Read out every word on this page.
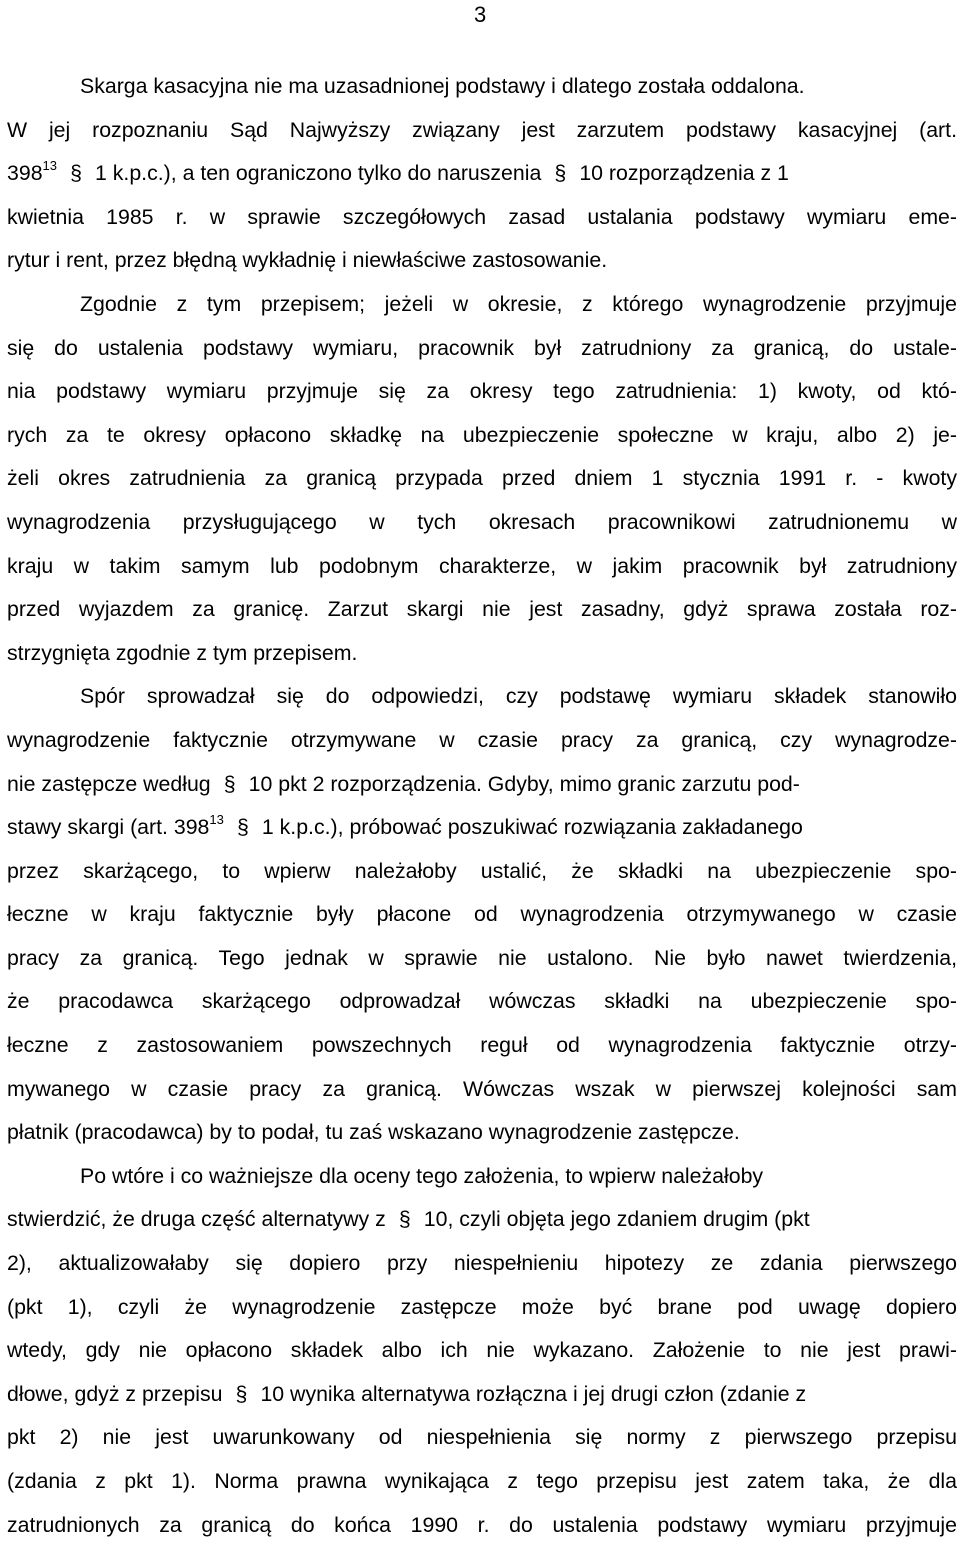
3
Skarga kasacyjna nie ma uzasadnionej podstawy i dlatego została oddalona.
W jej rozpoznaniu Sąd Najwyższy związany jest zarzutem podstawy kasacyjnej (art.
$398^{13}$ § 1 k.p.c.), a ten ograniczono tylko do naruszenia § 10 rozporządzenia z 1
kwietnia 1985 r. w sprawie szczegółowych zasad ustalania podstawy wymiaru eme-
rytur i rent, przez błędną wykładnię i niewłaściwe zastosowanie.
Zgodnie z tym przepisem; jeżeli w okresie, z którego wynagrodzenie przyjmuje
się do ustalenia podstawy wymiaru, pracownik był zatrudniony za granicą, do ustale-
nia podstawy wymiaru przyjmuje się za okresy tego zatrudnienia: 1) kwoty, od któ-
rych za te okresy opłacono składkę na ubezpieczenie społeczne w kraju, albo 2) je-
żeli okres zatrudnienia za granicą przypada przed dniem 1 stycznia 1991 r. - kwoty
wynagrodzenia przysługującego w tych okresach pracownikowi zatrudnionemu w
kraju w takim samym lub podobnym charakterze, w jakim pracownik był zatrudniony
przed wyjazdem za granicę. Zarzut skargi nie jest zasadny, gdyż sprawa została roz-
strzygnięta zgodnie z tym przepisem.
Spór sprowadzał się do odpowiedzi, czy podstawę wymiaru składek stanowiło
wynagrodzenie faktycznie otrzymywane w czasie pracy za granicą, czy wynagrodze-
nie zastępcze według § 10 pkt 2 rozporządzenia. Gdyby, mimo granic zarzutu pod-
stawy skargi (art. $398^{13}$ § 1 k.p.c.), próbować poszukiwać rozwiązania zakładanego
przez skarżącego, to wpierw należałoby ustalić, że składki na ubezpieczenie spo-
łeczne w kraju faktycznie były płacone od wynagrodzenia otrzymywanego w czasie
pracy za granicą. Tego jednak w sprawie nie ustalono. Nie było nawet twierdzenia,
że pracodawca skarżącego odprowadzał wówczas składki na ubezpieczenie spo-
łeczne z zastosowaniem powszechnych reguł od wynagrodzenia faktycznie otrzy-
mywanego w czasie pracy za granicą. Wówczas wszak w pierwszej kolejności sam
płatnik (pracodawca) by to podał, tu zaś wskazano wynagrodzenie zastępcze.
Po wtóre i co ważniejsze dla oceny tego założenia, to wpierw należałoby
stwierdzić, że druga część alternatywy z § 10, czyli objęta jego zdaniem drugim (pkt
2), aktualizowałaby się dopiero przy niespełnieniu hipotezy ze zdania pierwszego
(pkt 1), czyli że wynagrodzenie zastępcze może być brane pod uwagę dopiero
wtedy, gdy nie opłacono składek albo ich nie wykazano. Założenie to nie jest prawi-
dłowe, gdyż z przepisu § 10 wynika alternatywa rozłączna i jej drugi człon (zdanie z
pkt 2) nie jest uwarunkowany od niespełnienia się normy z pierwszego przepisu
(zdania z pkt 1). Norma prawna wynikająca z tego przepisu jest zatem taka, że dla
zatrudnionych za granicą do końca 1990 r. do ustalenia podstawy wymiaru przyjmuje
